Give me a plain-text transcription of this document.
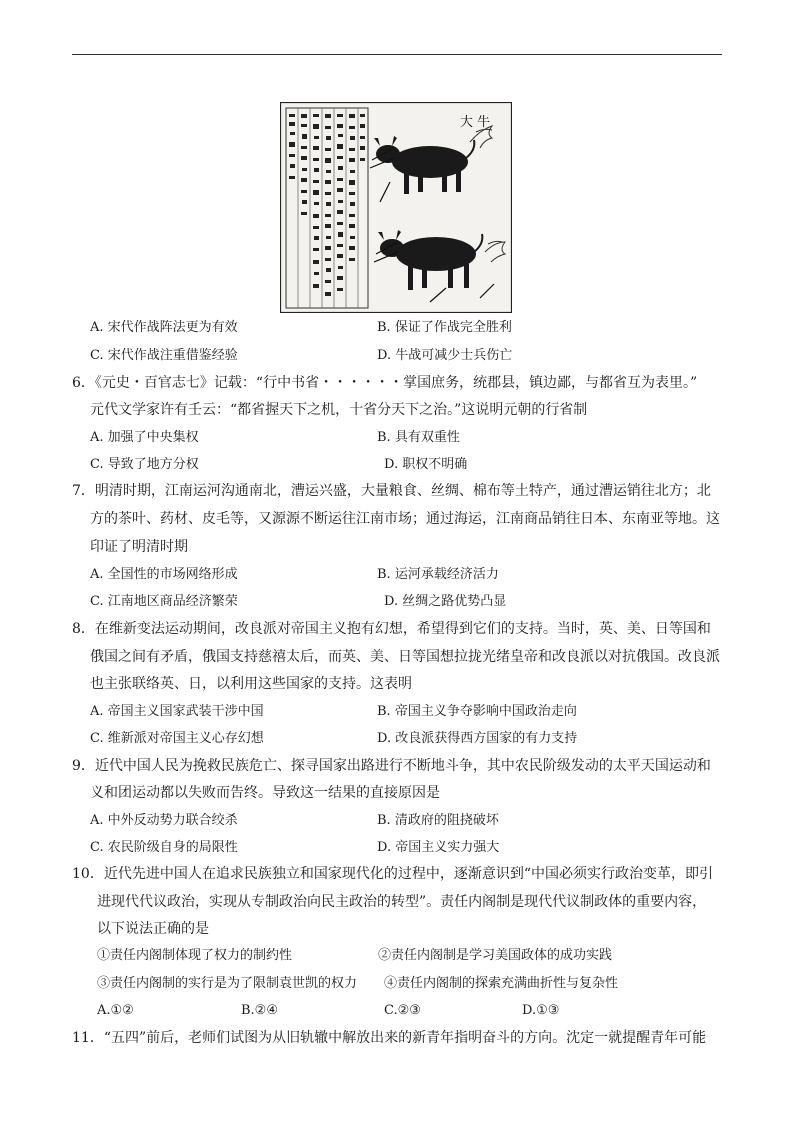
大 牛
A. 宋代作战阵法更为有效	B. 保证了作战完全胜利
C. 宋代作战注重借鉴经验	D. 牛战可减少士兵伤亡
6．《元史・百官志七》记载：“行中书省・・・・・・掌国庶务，统郡县，镇边鄙，与都省互为表里。”
元代文学家许有壬云：“都省握天下之机，十省分天下之治。”这说明元朝的行省制
A. 加强了中央集权	B. 具有双重性
C. 导致了地方分权	D. 职权不明确
7．明清时期，江南运河沟通南北，漕运兴盛，大量粮食、丝绸、棉布等土特产，通过漕运销往北方；北
方的茶叶、药材、皮毛等，又源源不断运往江南市场；通过海运，江南商品销往日本、东南亚等地。这
印证了明清时期
A. 全国性的市场网络形成	B. 运河承载经济活力
C. 江南地区商品经济繁荣	D. 丝绸之路优势凸显
8．在维新变法运动期间，改良派对帝国主义抱有幻想，希望得到它们的支持。当时，英、美、日等国和
俄国之间有矛盾，俄国支持慈禧太后，而英、美、日等国想拉拢光绪皇帝和改良派以对抗俄国。改良派
也主张联络英、日，以利用这些国家的支持。这表明
A. 帝国主义国家武装干涉中国	B. 帝国主义争夺影响中国政治走向
C. 维新派对帝国主义心存幻想	D. 改良派获得西方国家的有力支持
9．近代中国人民为挽救民族危亡、探寻国家出路进行不断地斗争，其中农民阶级发动的太平天国运动和
义和团运动都以失败而告终。导致这一结果的直接原因是
A. 中外反动势力联合绞杀	B. 清政府的阻挠破坏
C. 农民阶级自身的局限性	D. 帝国主义实力强大
10．近代先进中国人在追求民族独立和国家现代化的过程中，逐渐意识到“中国必须实行政治变革，即引
进现代代议政治，实现从专制政治向民主政治的转型”。责任内阁制是现代代议制政体的重要内容，
以下说法正确的是
①责任内阁制体现了权力的制约性	②责任内阁制是学习美国政体的成功实践
③责任内阁制的实行是为了限制袁世凯的权力 ④责任内阁制的探索充满曲折性与复杂性
A.①②	B.②④	C.②③	D.①③
11．“五四”前后，老师们试图为从旧轨辙中解放出来的新青年指明奋斗的方向。沈定一就提醒青年可能
